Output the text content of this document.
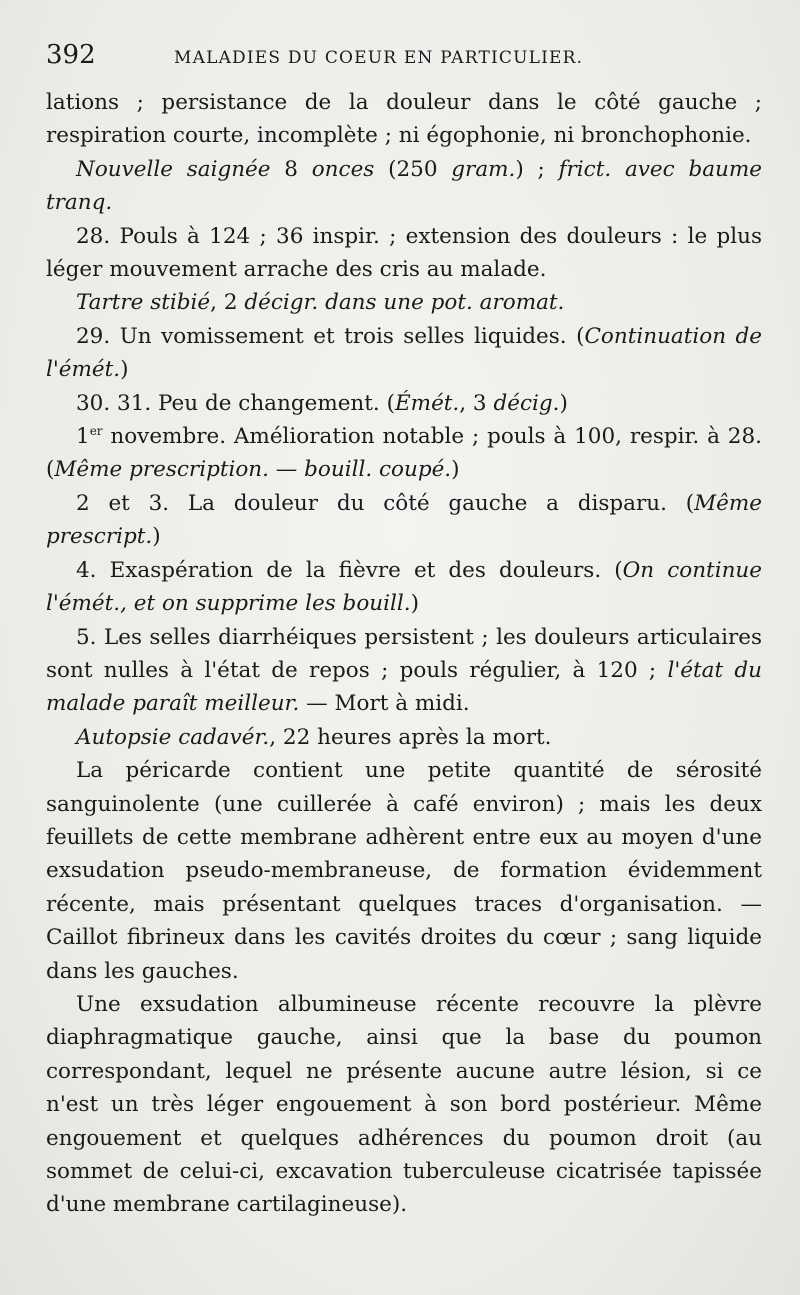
392	MALADIES DU COEUR EN PARTICULIER.

lations ; persistance de la douleur dans le côté gauche ; respiration courte, incomplète ; ni égophonie, ni bronchophonie.

Nouvelle saignée 8 onces (250 gram.) ; frict. avec baume tranq.

28. Pouls à 124 ; 36 inspir. ; extension des douleurs : le plus léger mouvement arrache des cris au malade.

Tartre stibié, 2 décigr. dans une pot. aromat.

29. Un vomissement et trois selles liquides. (Continuation de l'émét.)

30. 31. Peu de changement. (Émét., 3 décig.)

1er novembre. Amélioration notable ; pouls à 100, respir. à 28. (Même prescription. — bouill. coupé.)

2 et 3. La douleur du côté gauche a disparu. (Même prescript.)

4. Exaspération de la fièvre et des douleurs. (On continue l'émét., et on supprime les bouill.)

5. Les selles diarrhéiques persistent ; les douleurs articulaires sont nulles à l'état de repos ; pouls régulier, à 120 ; l'état du malade paraît meilleur. — Mort à midi.

Autopsie cadavér., 22 heures après la mort.

La péricarde contient une petite quantité de sérosité sanguinolente (une cuillerée à café environ) ; mais les deux feuillets de cette membrane adhèrent entre eux au moyen d'une exsudation pseudo-membraneuse, de formation évidemment récente, mais présentant quelques traces d'organisation. — Caillot fibrineux dans les cavités droites du cœur ; sang liquide dans les gauches.

Une exsudation albumineuse récente recouvre la plèvre diaphragmatique gauche, ainsi que la base du poumon correspondant, lequel ne présente aucune autre lésion, si ce n'est un très léger engouement à son bord postérieur. Même engouement et quelques adhérences du poumon droit (au sommet de celui-ci, excavation tuberculeuse cicatrisée tapissée d'une membrane cartilagineuse).
